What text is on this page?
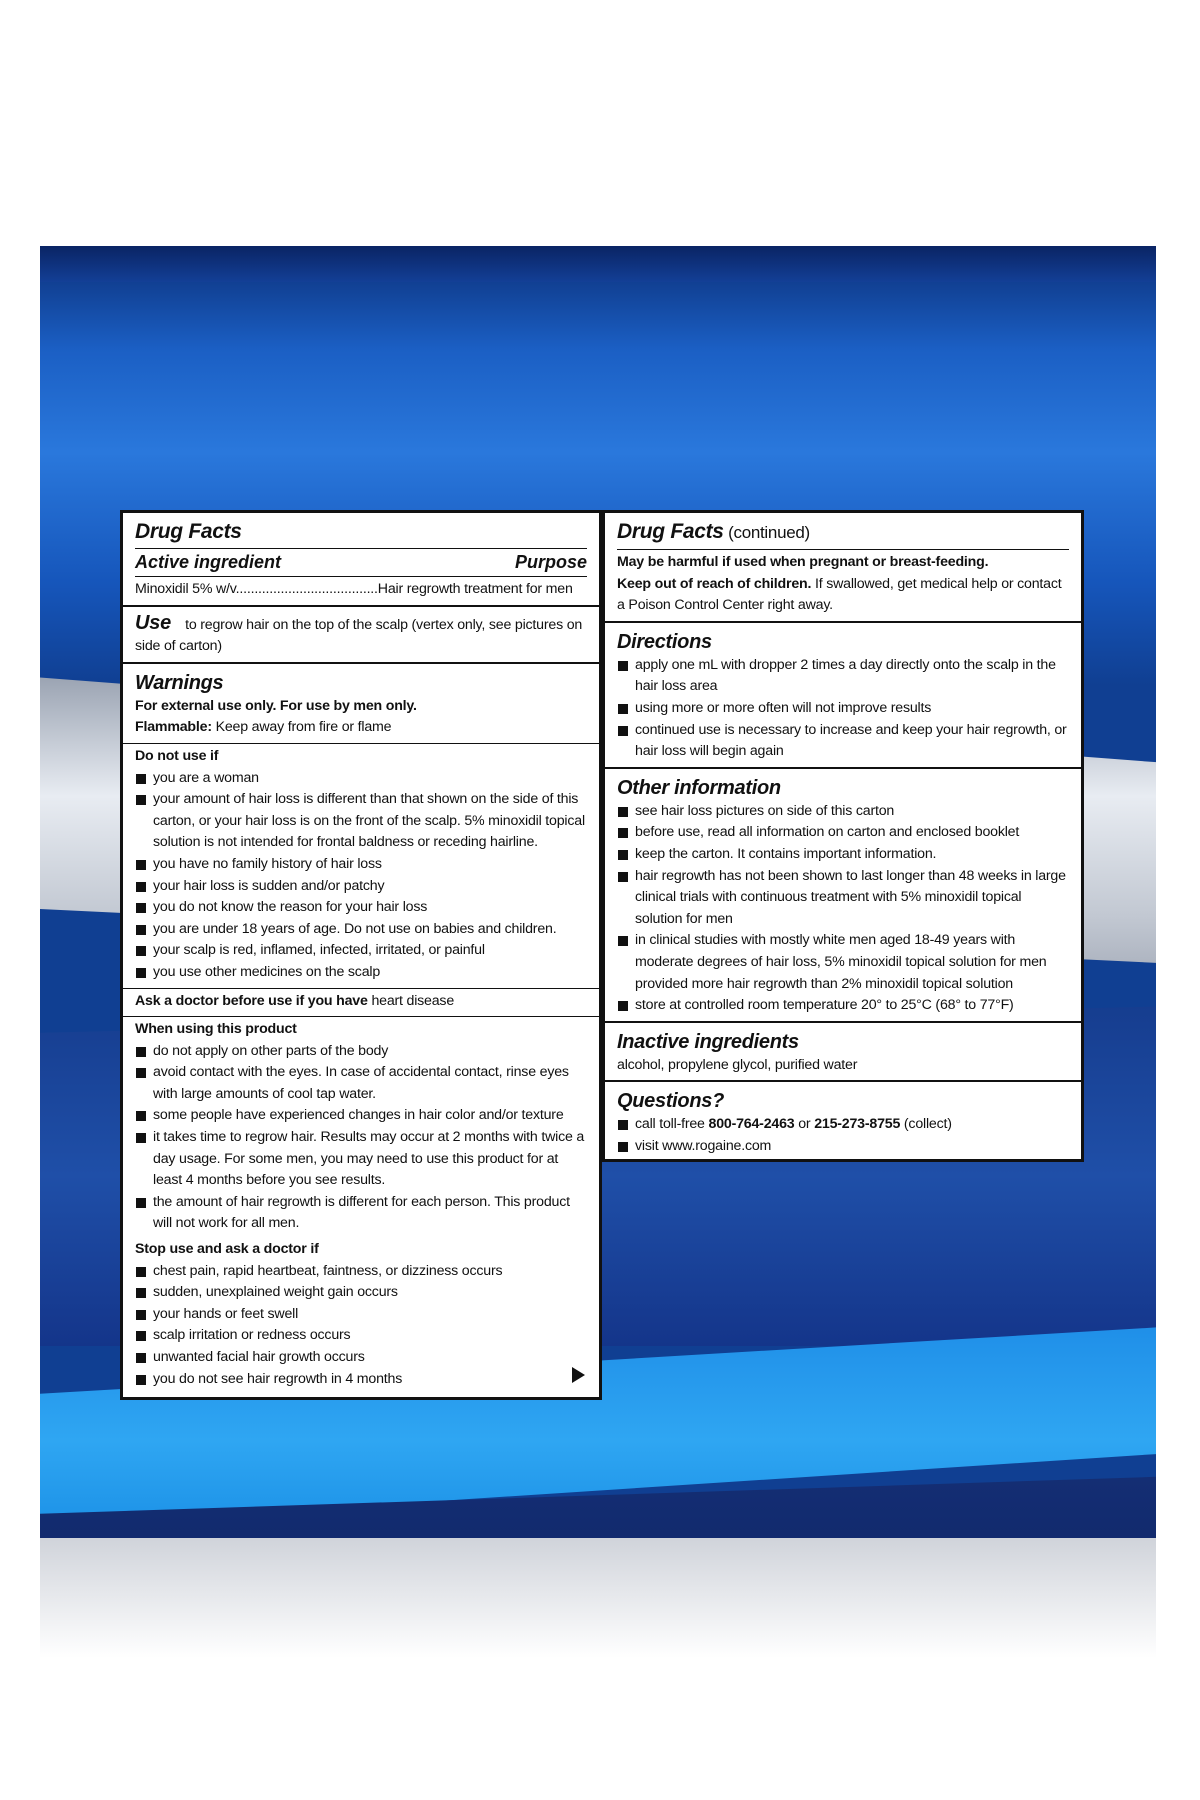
Drug Facts
Active ingredient	Purpose
Minoxidil 5% w/v......................................Hair regrowth treatment for men
Use to regrow hair on the top of the scalp (vertex only, see pictures on side of carton)
Warnings
For external use only. For use by men only.
Flammable: Keep away from fire or flame
Do not use if
you are a woman
your amount of hair loss is different than that shown on the side of this carton, or your hair loss is on the front of the scalp. 5% minoxidil topical solution is not intended for frontal baldness or receding hairline.
you have no family history of hair loss
your hair loss is sudden and/or patchy
you do not know the reason for your hair loss
you are under 18 years of age. Do not use on babies and children.
your scalp is red, inflamed, infected, irritated, or painful
you use other medicines on the scalp
Ask a doctor before use if you have heart disease
When using this product
do not apply on other parts of the body
avoid contact with the eyes. In case of accidental contact, rinse eyes with large amounts of cool tap water.
some people have experienced changes in hair color and/or texture
it takes time to regrow hair. Results may occur at 2 months with twice a day usage. For some men, you may need to use this product for at least 4 months before you see results.
the amount of hair regrowth is different for each person. This product will not work for all men.
Stop use and ask a doctor if
chest pain, rapid heartbeat, faintness, or dizziness occurs
sudden, unexplained weight gain occurs
your hands or feet swell
scalp irritation or redness occurs
unwanted facial hair growth occurs
you do not see hair regrowth in 4 months
Drug Facts (continued)
May be harmful if used when pregnant or breast-feeding.
Keep out of reach of children. If swallowed, get medical help or contact a Poison Control Center right away.
Directions
apply one mL with dropper 2 times a day directly onto the scalp in the hair loss area
using more or more often will not improve results
continued use is necessary to increase and keep your hair regrowth, or hair loss will begin again
Other information
see hair loss pictures on side of this carton
before use, read all information on carton and enclosed booklet
keep the carton. It contains important information.
hair regrowth has not been shown to last longer than 48 weeks in large clinical trials with continuous treatment with 5% minoxidil topical solution for men
in clinical studies with mostly white men aged 18-49 years with moderate degrees of hair loss, 5% minoxidil topical solution for men provided more hair regrowth than 2% minoxidil topical solution
store at controlled room temperature 20° to 25°C (68° to 77°F)
Inactive ingredients
alcohol, propylene glycol, purified water
Questions?
call toll-free 800-764-2463 or 215-273-8755 (collect)
visit www.rogaine.com
